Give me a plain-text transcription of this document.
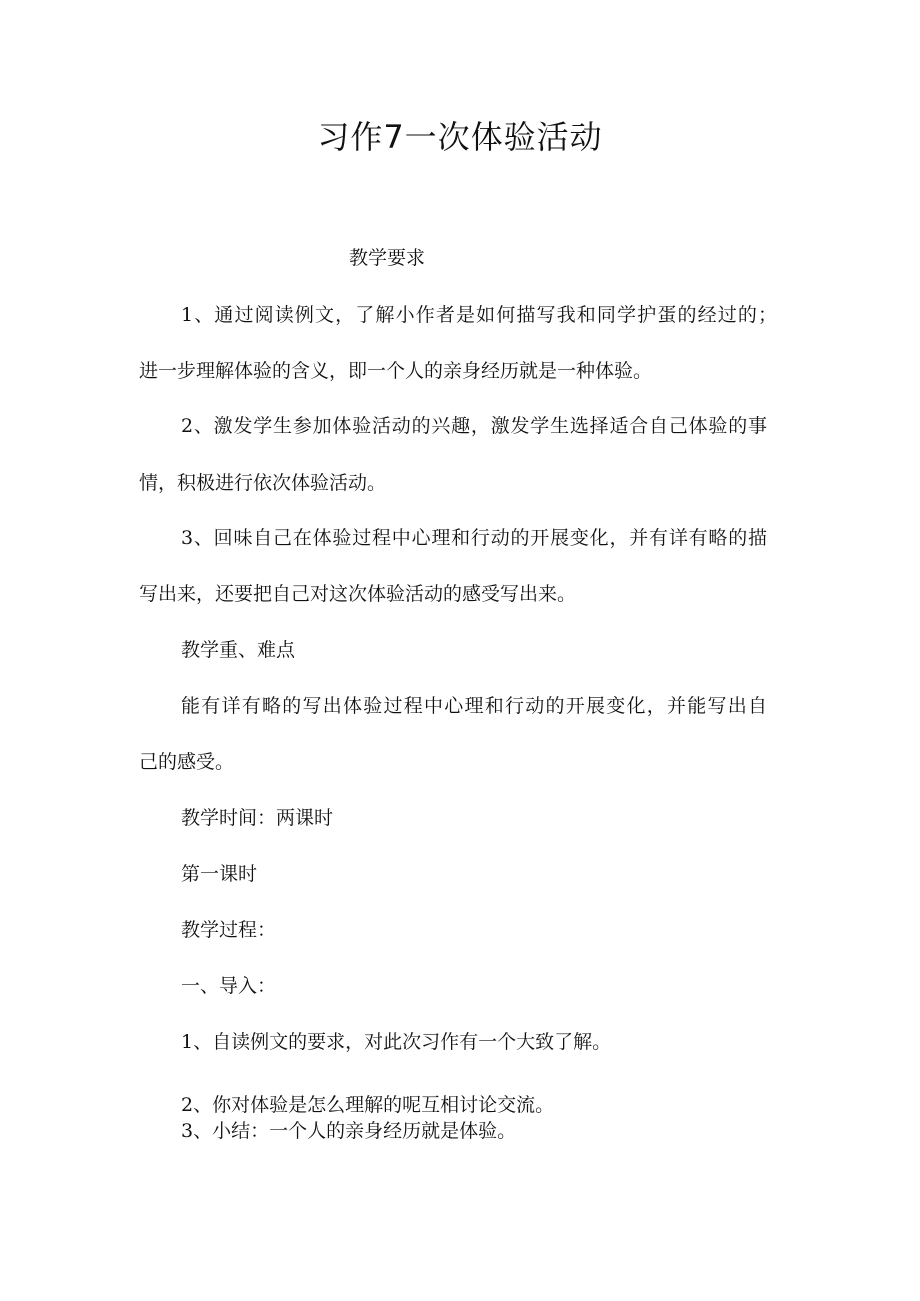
习作7一次体验活动
教学要求
1、通过阅读例文，了解小作者是如何描写我和同学护蛋的经过的；
进一步理解体验的含义，即一个人的亲身经历就是一种体验。
2、激发学生参加体验活动的兴趣，激发学生选择适合自己体验的事
情，积极进行依次体验活动。
3、回味自己在体验过程中心理和行动的开展变化，并有详有略的描
写出来，还要把自己对这次体验活动的感受写出来。
教学重、难点
能有详有略的写出体验过程中心理和行动的开展变化，并能写出自
己的感受。
教学时间：两课时
第一课时
教学过程：
一、导入：
1、自读例文的要求，对此次习作有一个大致了解。
2、你对体验是怎么理解的呢互相讨论交流。
3、小结：一个人的亲身经历就是体验。
